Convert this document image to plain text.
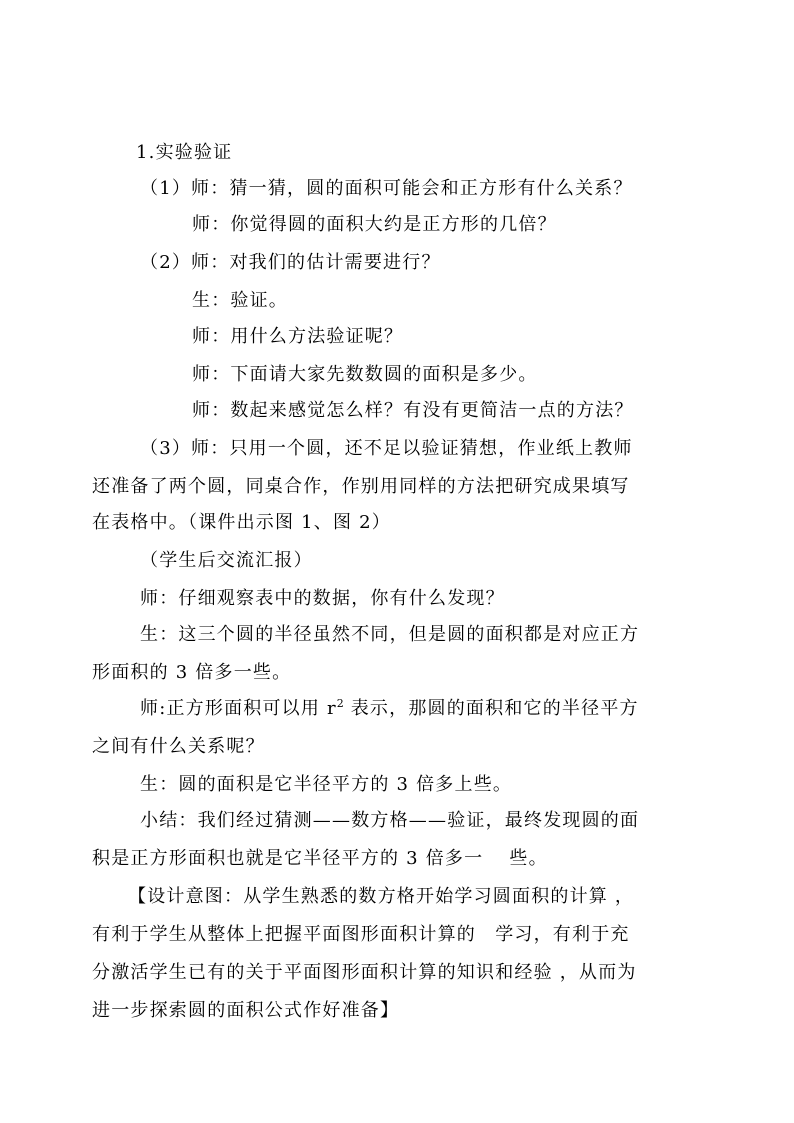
1.实验验证
（1）师：猜一猜，圆的面积可能会和正方形有什么关系？
师：你觉得圆的面积大约是正方形的几倍？
（2）师：对我们的估计需要进行？
生：验证。
师：用什么方法验证呢？
师：下面请大家先数数圆的面积是多少。
师：数起来感觉怎么样？有没有更简洁一点的方法？
（3）师：只用一个圆，还不足以验证猜想，作业纸上教师
还准备了两个圆，同桌合作，作别用同样的方法把研究成果填写
在表格中。（课件出示图 1、图 2）
（学生后交流汇报）
师：仔细观察表中的数据，你有什么发现？
生：这三个圆的半径虽然不同，但是圆的面积都是对应正方
形面积的 3 倍多一些。
师:正方形面积可以用 $r^2$ 表示，那圆的面积和它的半径平方
之间有什么关系呢？
生：圆的面积是它半径平方的 3 倍多上些。
小结：我们经过猜测——数方格——验证，最终发现圆的面
积是正方形面积也就是它半径平方的 3 倍多一　 些。
【设计意图：从学生熟悉的数方格开始学习圆面积的计算 ，
有利于学生从整体上把握平面图形面积计算的　学习，有利于充
分激活学生已有的关于平面图形面积计算的知识和经验 ，从而为
进一步探索圆的面积公式作好准备】
